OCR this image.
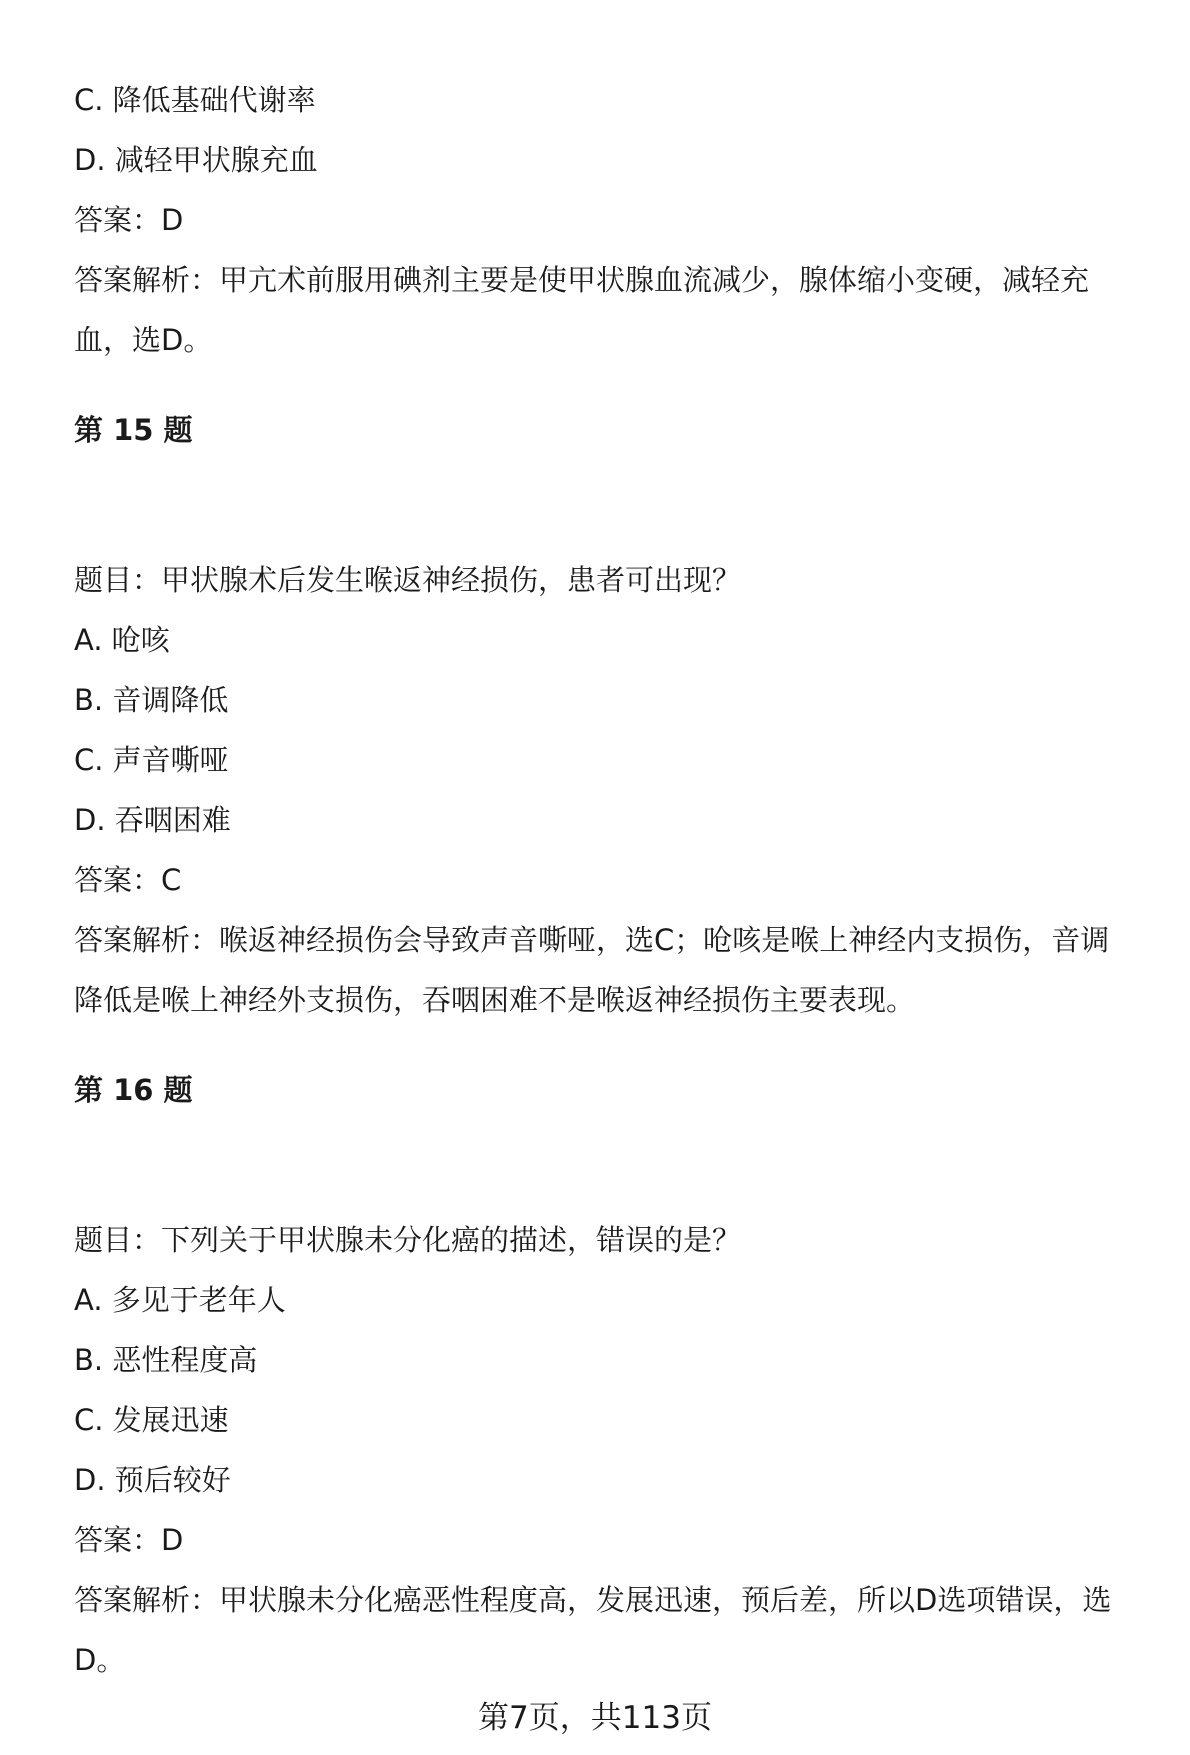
C. 降低基础代谢率
D. 减轻甲状腺充血
答案：D
答案解析：甲亢术前服用碘剂主要是使甲状腺血流减少，腺体缩小变硬，减轻充
血，选D。
第 15 题
题目：甲状腺术后发生喉返神经损伤，患者可出现？
A. 呛咳
B. 音调降低
C. 声音嘶哑
D. 吞咽困难
答案：C
答案解析：喉返神经损伤会导致声音嘶哑，选C；呛咳是喉上神经内支损伤，音调
降低是喉上神经外支损伤，吞咽困难不是喉返神经损伤主要表现。
第 16 题
题目：下列关于甲状腺未分化癌的描述，错误的是？
A. 多见于老年人
B. 恶性程度高
C. 发展迅速
D. 预后较好
答案：D
答案解析：甲状腺未分化癌恶性程度高，发展迅速，预后差，所以D选项错误，选
D。
第7页，共113页
